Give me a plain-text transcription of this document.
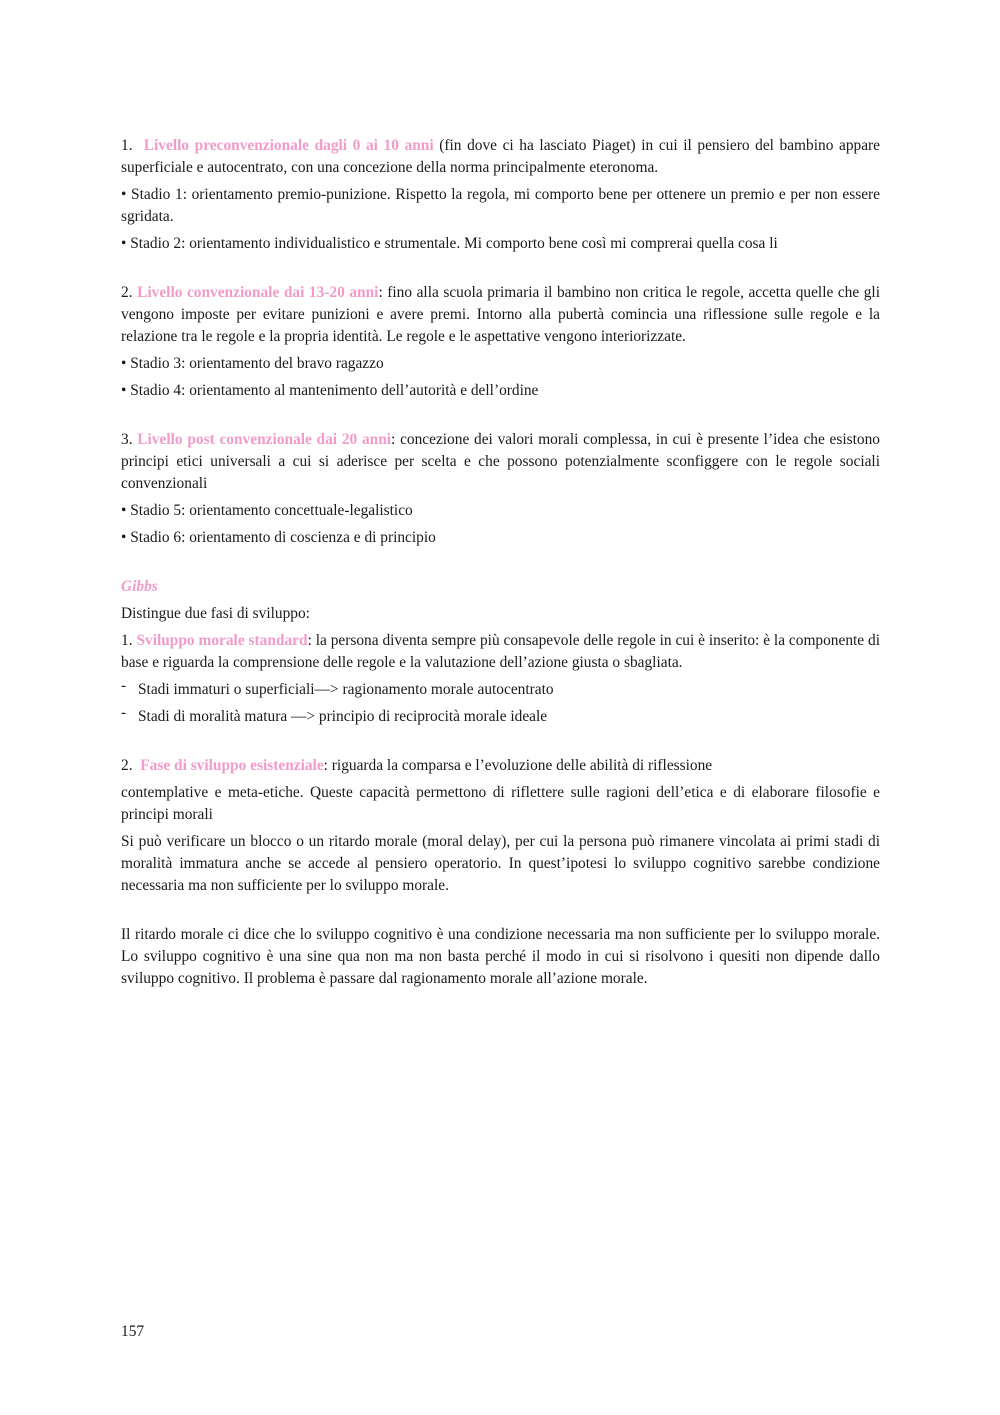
1. Livello preconvenzionale dagli 0 ai 10 anni (fin dove ci ha lasciato Piaget) in cui il pensiero del bambino appare superficiale e autocentrato, con una concezione della norma principalmente eteronoma.

• Stadio 1: orientamento premio-punizione. Rispetto la regola, mi comporto bene per ottenere un premio e per non essere sgridata.

• Stadio 2: orientamento individualistico e strumentale. Mi comporto bene così mi comprerai quella cosa li

2. Livello convenzionale dai 13-20 anni: fino alla scuola primaria il bambino non critica le regole, accetta quelle che gli vengono imposte per evitare punizioni e avere premi. Intorno alla pubertà comincia una riflessione sulle regole e la relazione tra le regole e la propria identità. Le regole e le aspettative vengono interiorizzate.

• Stadio 3: orientamento del bravo ragazzo

• Stadio 4: orientamento al mantenimento dell’autorità e dell’ordine

3. Livello post convenzionale dai 20 anni: concezione dei valori morali complessa, in cui è presente l’idea che esistono principi etici universali a cui si aderisce per scelta e che possono potenzialmente sconfiggere con le regole sociali convenzionali

• Stadio 5: orientamento concettuale-legalistico

• Stadio 6: orientamento di coscienza e di principio

Gibbs

Distingue due fasi di sviluppo:

1. Sviluppo morale standard: la persona diventa sempre più consapevole delle regole in cui è inserito: è la componente di base e riguarda la comprensione delle regole e la valutazione dell’azione giusta o sbagliata.

- Stadi immaturi o superficiali—> ragionamento morale autocentrato

- Stadi di moralità matura —> principio di reciprocità morale ideale

2. Fase di sviluppo esistenziale: riguarda la comparsa e l’evoluzione delle abilità di riflessione

contemplative e meta-etiche. Queste capacità permettono di riflettere sulle ragioni dell’etica e di elaborare filosofie e principi morali

Si può verificare un blocco o un ritardo morale (moral delay), per cui la persona può rimanere vincolata ai primi stadi di moralità immatura anche se accede al pensiero operatorio. In quest’ipotesi lo sviluppo cognitivo sarebbe condizione necessaria ma non sufficiente per lo sviluppo morale.

Il ritardo morale ci dice che lo sviluppo cognitivo è una condizione necessaria ma non sufficiente per lo sviluppo morale. Lo sviluppo cognitivo è una sine qua non ma non basta perché il modo in cui si risolvono i quesiti non dipende dallo sviluppo cognitivo. Il problema è passare dal ragionamento morale all’azione morale.

157
